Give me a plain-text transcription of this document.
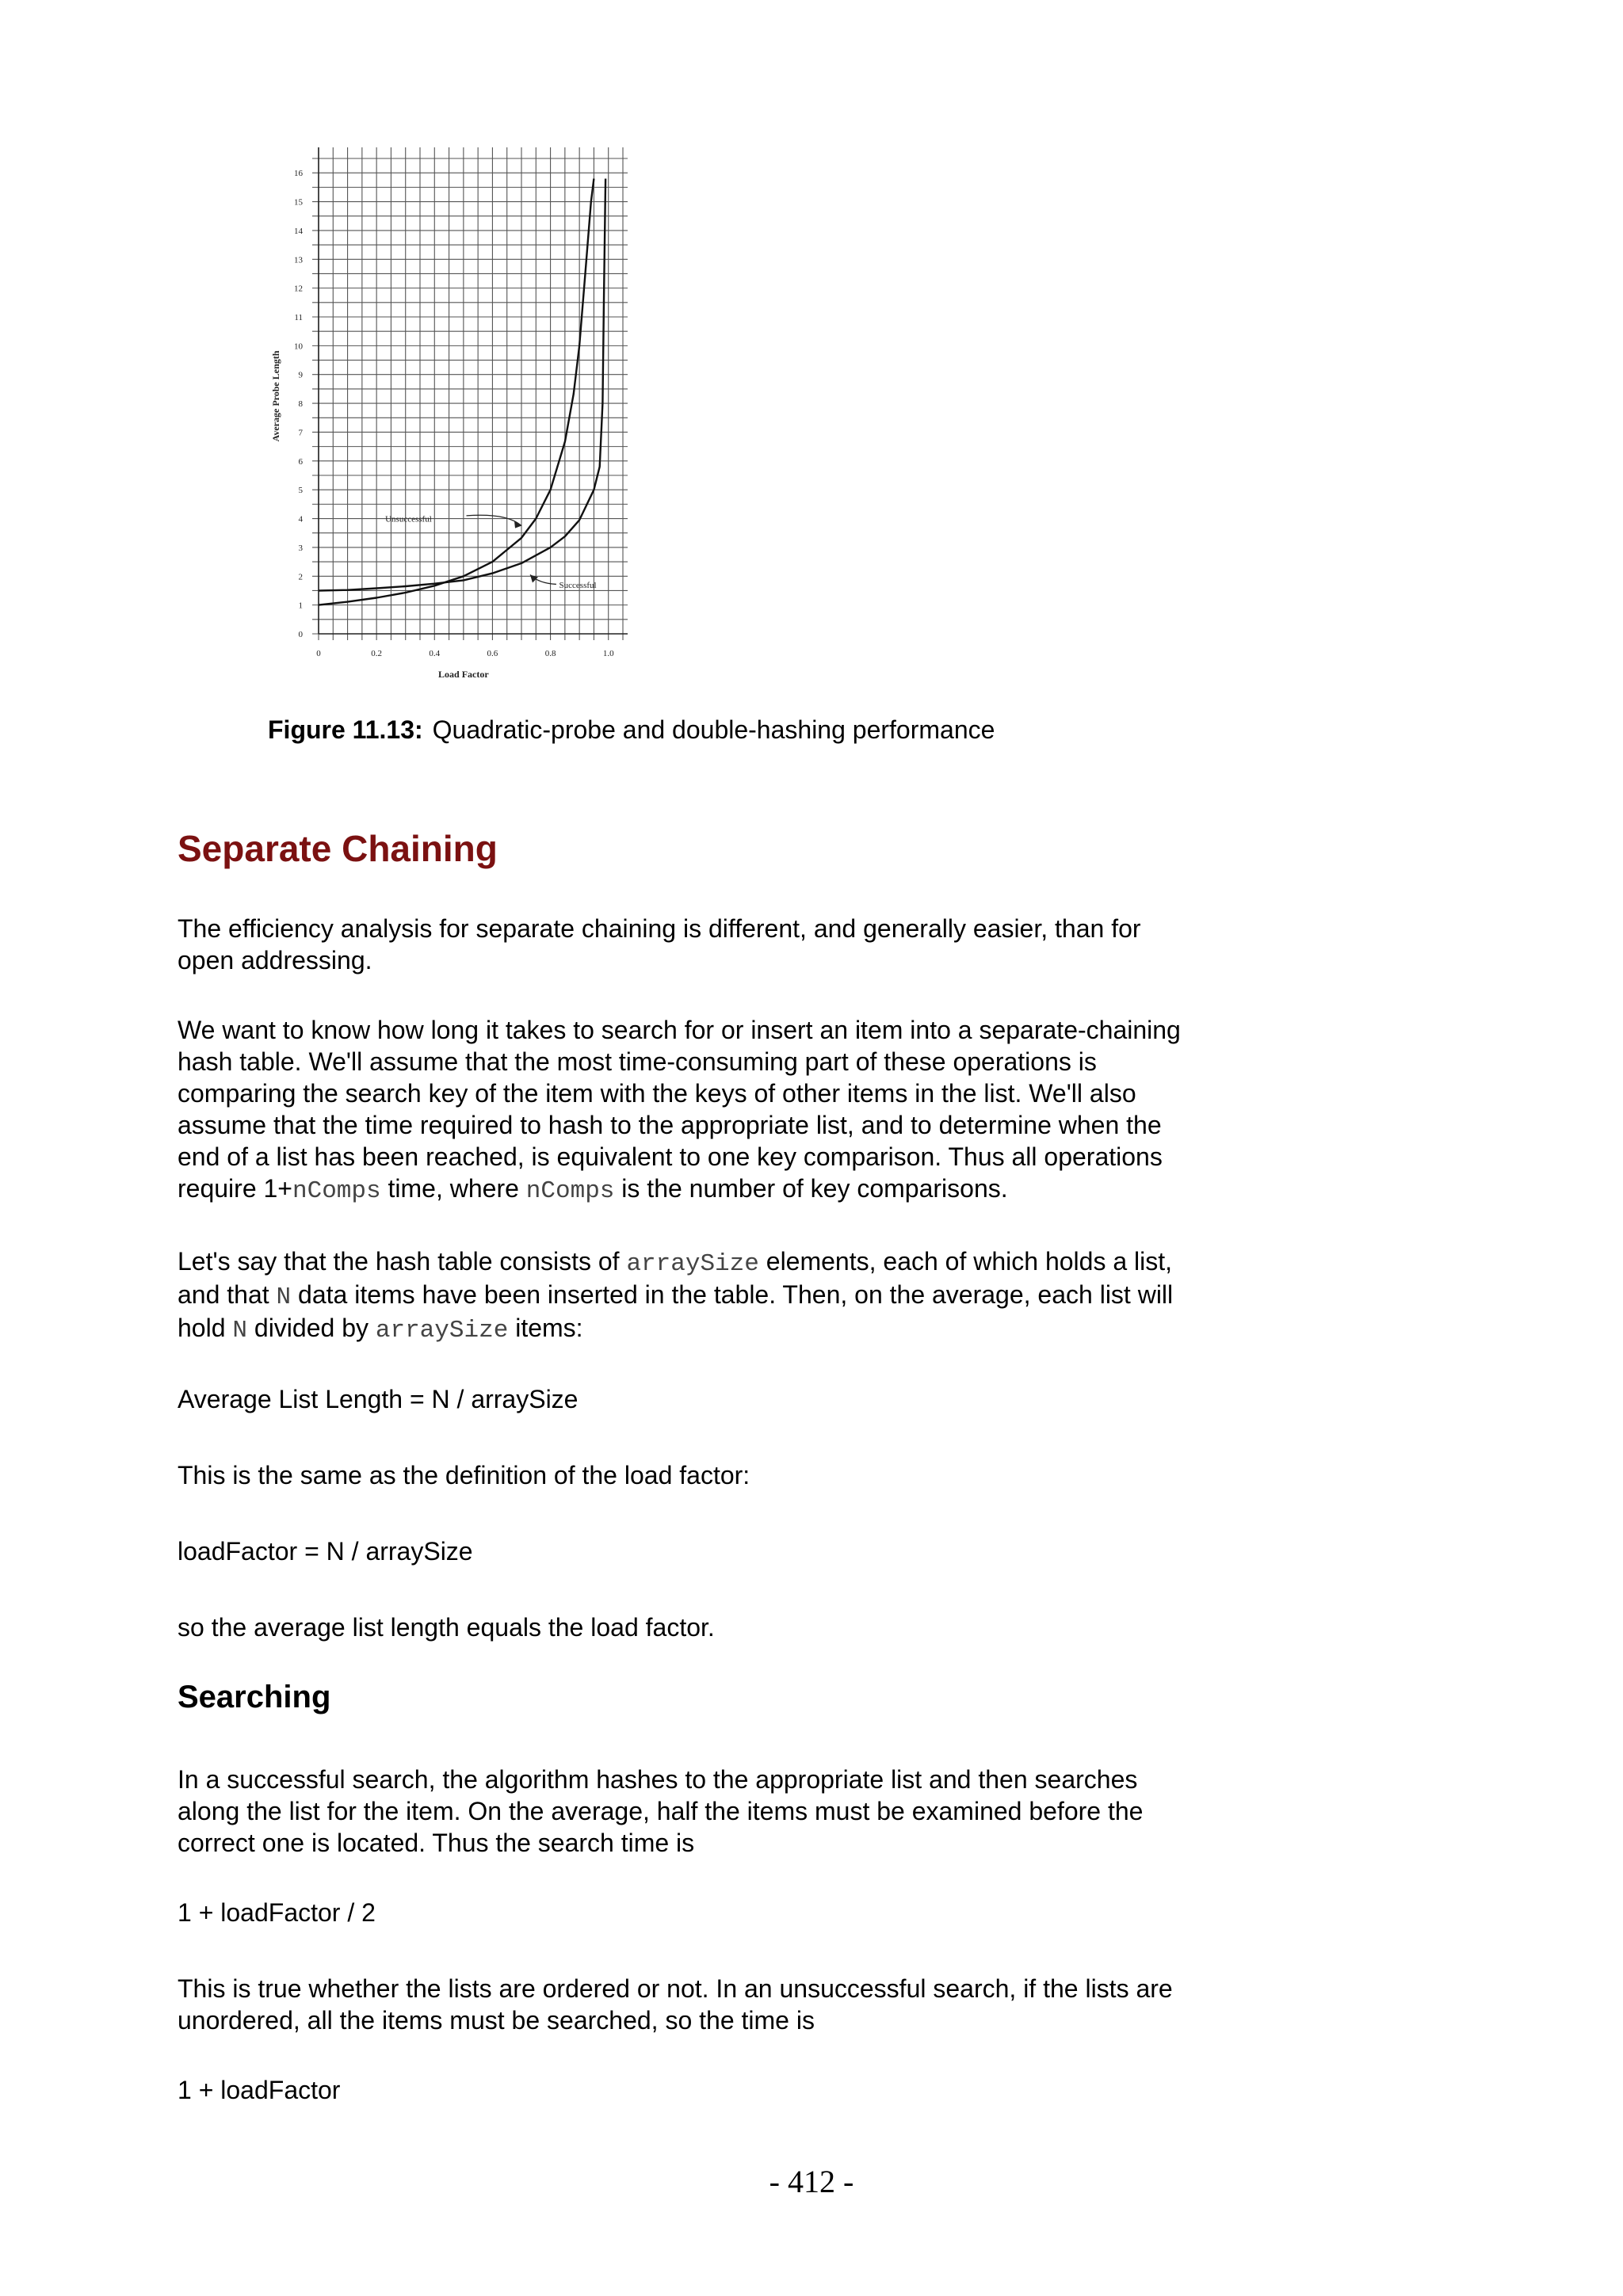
0	0.2	0.4	0.6	0.8	1.0
0
1
2
3
4
5
6
7
8
9
10
11
12
13
14
15
16
Load Factor
Average Probe Length
Unsuccessful
Successful
Figure 11.13: Quadratic-probe and double-hashing performance
Separate Chaining

The efficiency analysis for separate chaining is different, and generally easier, than for

open addressing.

We want to know how long it takes to search for or insert an item into a separate-chaining

hash table. We'll assume that the most time-consuming part of these operations is

comparing the search key of the item with the keys of other items in the list. We'll also

assume that the time required to hash to the appropriate list, and to determine when the

end of a list has been reached, is equivalent to one key comparison. Thus all operations

require 1+nComps time, where nComps is the number of key comparisons.

Let's say that the hash table consists of arraySize elements, each of which holds a list,

and that N data items have been inserted in the table. Then, on the average, each list will

hold N divided by arraySize items:

Average List Length = N / arraySize

This is the same as the definition of the load factor:

loadFactor = N / arraySize

so the average list length equals the load factor.

Searching

In a successful search, the algorithm hashes to the appropriate list and then searches

along the list for the item. On the average, half the items must be examined before the

correct one is located. Thus the search time is

1 + loadFactor / 2

This is true whether the lists are ordered or not. In an unsuccessful search, if the lists are

unordered, all the items must be searched, so the time is

1 + loadFactor

- 412 -
